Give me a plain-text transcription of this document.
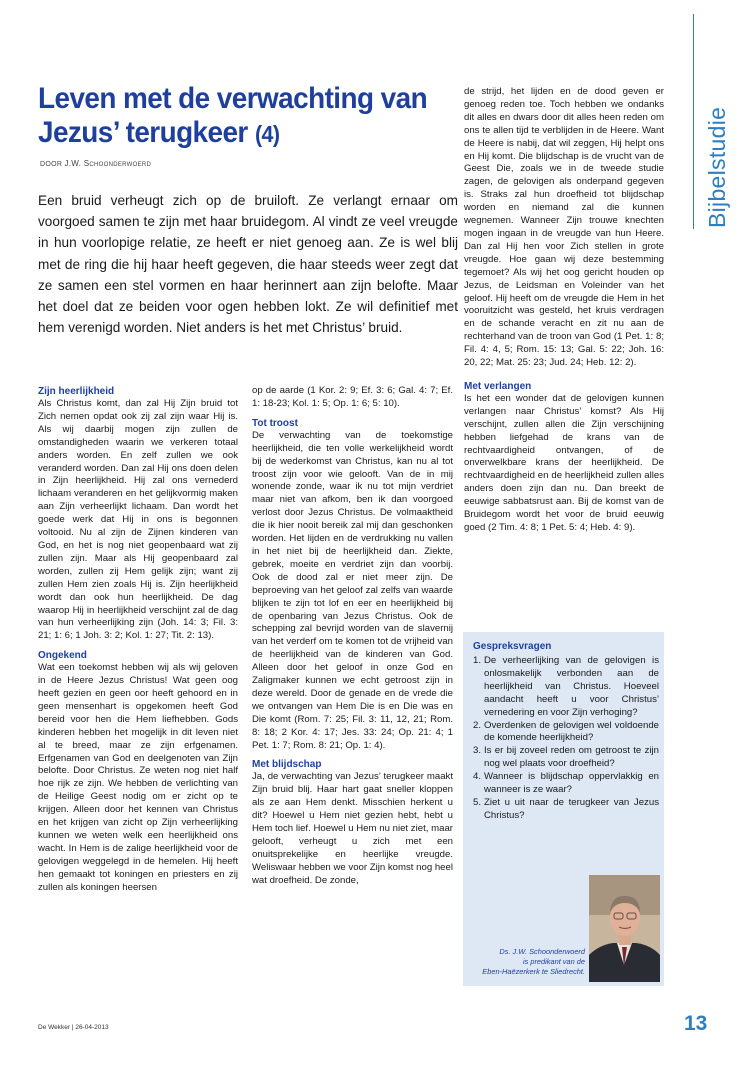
Bijbelstudie
Leven met de verwachting van
Jezus’ terugkeer (4)
DOOR J.W. Schoonderwoerd

Een bruid verheugt zich op de bruiloft. Ze verlangt ernaar om voorgoed samen te zijn met haar bruidegom. Al vindt ze veel vreugde in hun voorlopige relatie, ze heeft er niet genoeg aan. Ze is wel blij met de ring die hij haar heeft gegeven, die haar steeds weer zegt dat ze samen een stel vormen en haar herinnert aan zijn belofte. Maar het doel dat ze beiden voor ogen hebben lokt. Ze wil definitief met hem verenigd worden. Niet anders is het met Christus’ bruid.

Zijn heerlijkheid

Als Christus komt, dan zal Hij Zijn bruid tot Zich nemen opdat ook zij zal zijn waar Hij is. Als wij daarbij mogen zijn zullen de omstandigheden waarin we verkeren totaal anders worden. En zelf zullen we ook veranderd worden. Dan zal Hij ons doen delen in Zijn heerlijkheid. Hij zal ons vernederd lichaam veranderen en het gelijkvormig maken aan Zijn verheerlijkt lichaam. Dan wordt het goede werk dat Hij in ons is begonnen voltooid. Nu al zijn de Zijnen kinderen van God, en het is nog niet geopenbaard wat zij zullen zijn. Maar als Hij geopenbaard zal worden, zullen zij Hem gelijk zijn; want zij zullen Hem zien zoals Hij is. Zijn heerlijkheid wordt dan ook hun heerlijkheid. De dag waarop Hij in heerlijkheid verschijnt zal de dag van hun verheerlijking zijn (Joh. 14: 3; Fil. 3: 21; 1: 6; 1 Joh. 3: 2; Kol. 1: 27; Tit. 2: 13).

Ongekend

Wat een toekomst hebben wij als wij geloven in de Heere Jezus Christus! Wat geen oog heeft gezien en geen oor heeft gehoord en in geen mensenhart is opgekomen heeft God bereid voor hen die Hem liefhebben. Gods kinderen hebben het mogelijk in dit leven niet al te breed, maar ze zijn erfgenamen. Erfgenamen van God en deelgenoten van Zijn belofte. Door Christus. Ze weten nog niet half hoe rijk ze zijn. We hebben de verlichting van de Heilige Geest nodig om er zicht op te krijgen. Alleen door het kennen van Christus en het krijgen van zicht op Zijn verheerlijking kunnen we weten welk een heerlijkheid ons wacht. In Hem is de zalige heerlijkheid voor de gelovigen weggelegd in de hemelen. Hij heeft hen gemaakt tot koningen en priesters en zij zullen als koningen heersen

op de aarde (1 Kor. 2: 9; Ef. 3: 6; Gal. 4: 7; Ef. 1: 18-23; Kol. 1: 5; Op. 1: 6; 5: 10).

Tot troost

De verwachting van de toekomstige heerlijkheid, die ten volle werkelijkheid wordt bij de wederkomst van Christus, kan nu al tot troost zijn voor wie gelooft. Van de in mij wonende zonde, waar ik nu tot mijn verdriet maar niet van afkom, ben ik dan voorgoed verlost door Jezus Christus. De volmaaktheid die ik hier nooit bereik zal mij dan geschonken worden. Het lijden en de verdrukking nu vallen in het niet bij de heerlijkheid dan. Ziekte, gebrek, moeite en verdriet zijn dan voorbij. Ook de dood zal er niet meer zijn. De beproeving van het geloof zal zelfs van waarde blijken te zijn tot lof en eer en heerlijkheid bij de openbaring van Jezus Christus. Ook de schepping zal bevrijd worden van de slavernij van het verderf om te komen tot de vrijheid van de heerlijkheid van de kinderen van God. Alleen door het geloof in onze God en Zaligmaker kunnen we echt getroost zijn in deze wereld. Door de genade en de vrede die we ontvangen van Hem Die is en Die was en Die komt (Rom. 7: 25; Fil. 3: 11, 12, 21; Rom. 8: 18; 2 Kor. 4: 17; Jes. 33: 24; Op. 21: 4; 1 Pet. 1: 7; Rom. 8: 21; Op. 1: 4).

Met blijdschap

Ja, de verwachting van Jezus’ terugkeer maakt Zijn bruid blij. Haar hart gaat sneller kloppen als ze aan Hem denkt. Misschien herkent u dit? Hoewel u Hem niet gezien hebt, hebt u Hem toch lief. Hoewel u Hem nu niet ziet, maar gelooft, verheugt u zich met een onuitsprekelijke en heerlijke vreugde. Weliswaar hebben we voor Zijn komst nog heel wat droefheid. De zonde,

de strijd, het lijden en de dood geven er genoeg reden toe. Toch hebben we ondanks dit alles en dwars door dit alles heen reden om ons te allen tijd te verblijden in de Heere. Want de Heere is nabij, dat wil zeggen, Hij helpt ons en Hij komt. Die blijdschap is de vrucht van de Geest Die, zoals we in de tweede studie zagen, de gelovigen als onderpand gegeven is. Straks zal hun droefheid tot blijdschap worden en niemand zal die kunnen wegnemen. Wanneer Zijn trouwe knechten mogen ingaan in de vreugde van hun Heere. Dan zal Hij hen voor Zich stellen in grote vreugde. Hoe gaan wij deze bestemming tegemoet? Als wij het oog gericht houden op Jezus, de Leidsman en Voleinder van het geloof. Hij heeft om de vreugde die Hem in het vooruitzicht was gesteld, het kruis verdragen en de schande veracht en zit nu aan de rechterhand van de troon van God (1 Pet. 1: 8; Fil. 4: 4, 5; Rom. 15: 13; Gal. 5: 22; Joh. 16: 20, 22; Mat. 25: 23; Jud. 24; Heb. 12: 2).

Met verlangen

Is het een wonder dat de gelovigen kunnen verlangen naar Christus’ komst? Als Hij verschijnt, zullen allen die Zijn verschijning hebben liefgehad de krans van de rechtvaardigheid ontvangen, of de onverwelkbare krans der heerlijkheid. De rechtvaardigheid en de heerlijkheid zullen alles anders doen zijn dan nu. Dan breekt de eeuwige sabbatsrust aan. Bij de komst van de Bruidegom wordt het voor de bruid eeuwig goed (2 Tim. 4: 8; 1 Pet. 5: 4; Heb. 4: 9).

Gespreksvragen
1. De verheerlijking van de gelovigen is onlosmakelijk verbonden aan de heerlijkheid van Christus. Hoeveel aandacht heeft u voor Christus’ vernedering en voor Zijn verhoging?
2. Overdenken de gelovigen wel voldoende de komende heerlijkheid?
3. Is er bij zoveel reden om getroost te zijn nog wel plaats voor droefheid?
4. Wanneer is blijdschap oppervlakkig en wanneer is ze waar?
5. Ziet u uit naar de terugkeer van Jezus Christus?
Ds. J.W. Schoonderwoerd
is predikant van de
Eben-Haëzerkerk te Sliedrecht.
De Wekker | 26-04-2013	13
